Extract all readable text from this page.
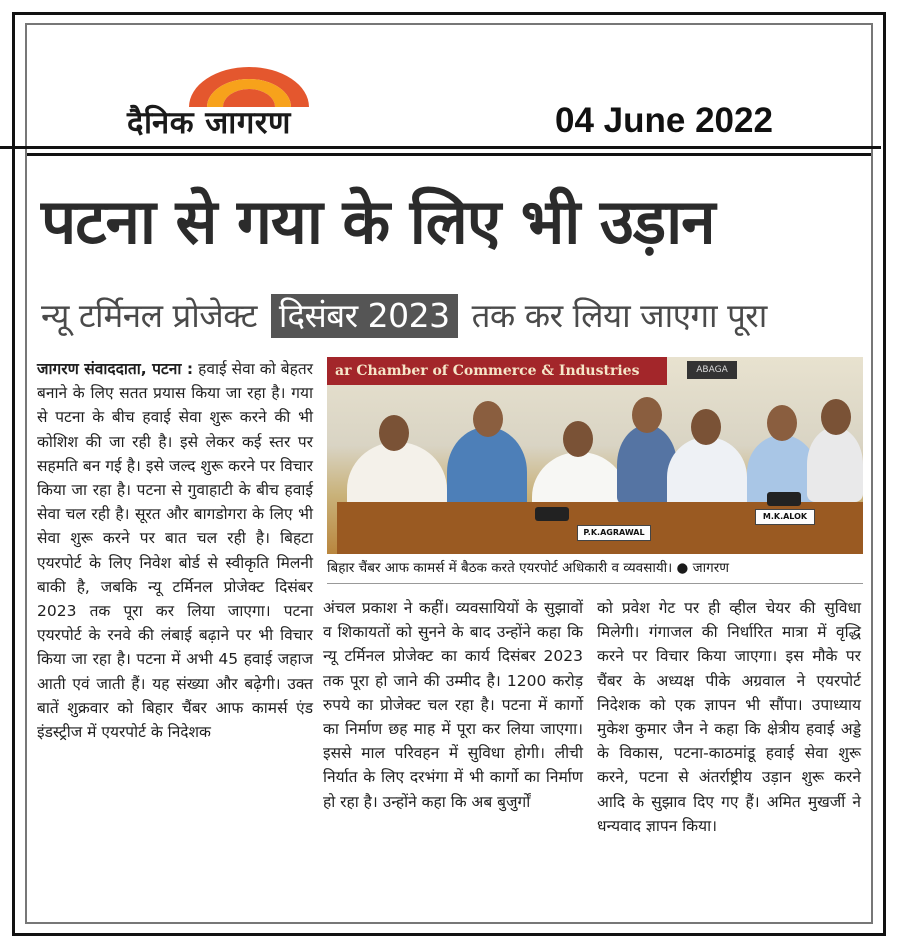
दैनिक जागरण	04 June 2022
पटना से गया के लिए भी उड़ान
न्यू टर्मिनल प्रोजेक्ट दिसंबर 2023 तक कर लिया जाएगा पूरा
जागरण संवाददाता, पटना : हवाई सेवा को बेहतर बनाने के लिए सतत प्रयास किया जा रहा है। गया से पटना के बीच हवाई सेवा शुरू करने की भी कोशिश की जा रही है। इसे लेकर कई स्तर पर सहमति बन गई है। इसे जल्द शुरू करने पर विचार किया जा रहा है। पटना से गुवाहाटी के बीच हवाई सेवा चल रही है। सूरत और बागडोगरा के लिए भी सेवा शुरू करने पर बात चल रही है। बिहटा एयरपोर्ट के लिए निवेश बोर्ड से स्वीकृति मिलनी बाकी है, जबकि न्यू टर्मिनल प्रोजेक्ट दिसंबर 2023 तक पूरा कर लिया जाएगा। पटना एयरपोर्ट के रनवे की लंबाई बढ़ाने पर भी विचार किया जा रहा है। पटना में अभी 45 हवाई जहाज आती एवं जाती हैं। यह संख्या और बढ़ेगी। उक्त बातें शुक्रवार को बिहार चैंबर आफ कामर्स एंड इंडस्ट्रीज में एयरपोर्ट के निदेशक
ar Chamber of Commerce & Industries	ABAGA
P.K.AGRAWAL
M.K.ALOK
बिहार चैंबर आफ कामर्स में बैठक करते एयरपोर्ट अधिकारी व व्यवसायी। ● जागरण
अंचल प्रकाश ने कहीं। व्यवसायियों के सुझावों व शिकायतों को सुनने के बाद उन्होंने कहा कि न्यू टर्मिनल प्रोजेक्ट का कार्य दिसंबर 2023 तक पूरा हो जाने की उम्मीद है। 1200 करोड़ रुपये का प्रोजेक्ट चल रहा है। पटना में कार्गो का निर्माण छह माह में पूरा कर लिया जाएगा। इससे माल परिवहन में सुविधा होगी। लीची निर्यात के लिए दरभंगा में भी कार्गो का निर्माण हो रहा है। उन्होंने कहा कि अब बुजुर्गों
को प्रवेश गेट पर ही व्हील चेयर की सुविधा मिलेगी। गंगाजल की निर्धारित मात्रा में वृद्धि करने पर विचार किया जाएगा। इस मौके पर चैंबर के अध्यक्ष पीके अग्रवाल ने एयरपोर्ट निदेशक को एक ज्ञापन भी सौंपा। उपाध्याय मुकेश कुमार जैन ने कहा कि क्षेत्रीय हवाई अड्डे के विकास, पटना-काठमांडू हवाई सेवा शुरू करने, पटना से अंतर्राष्ट्रीय उड़ान शुरू करने आदि के सुझाव दिए गए हैं। अमित मुखर्जी ने धन्यवाद ज्ञापन किया।
